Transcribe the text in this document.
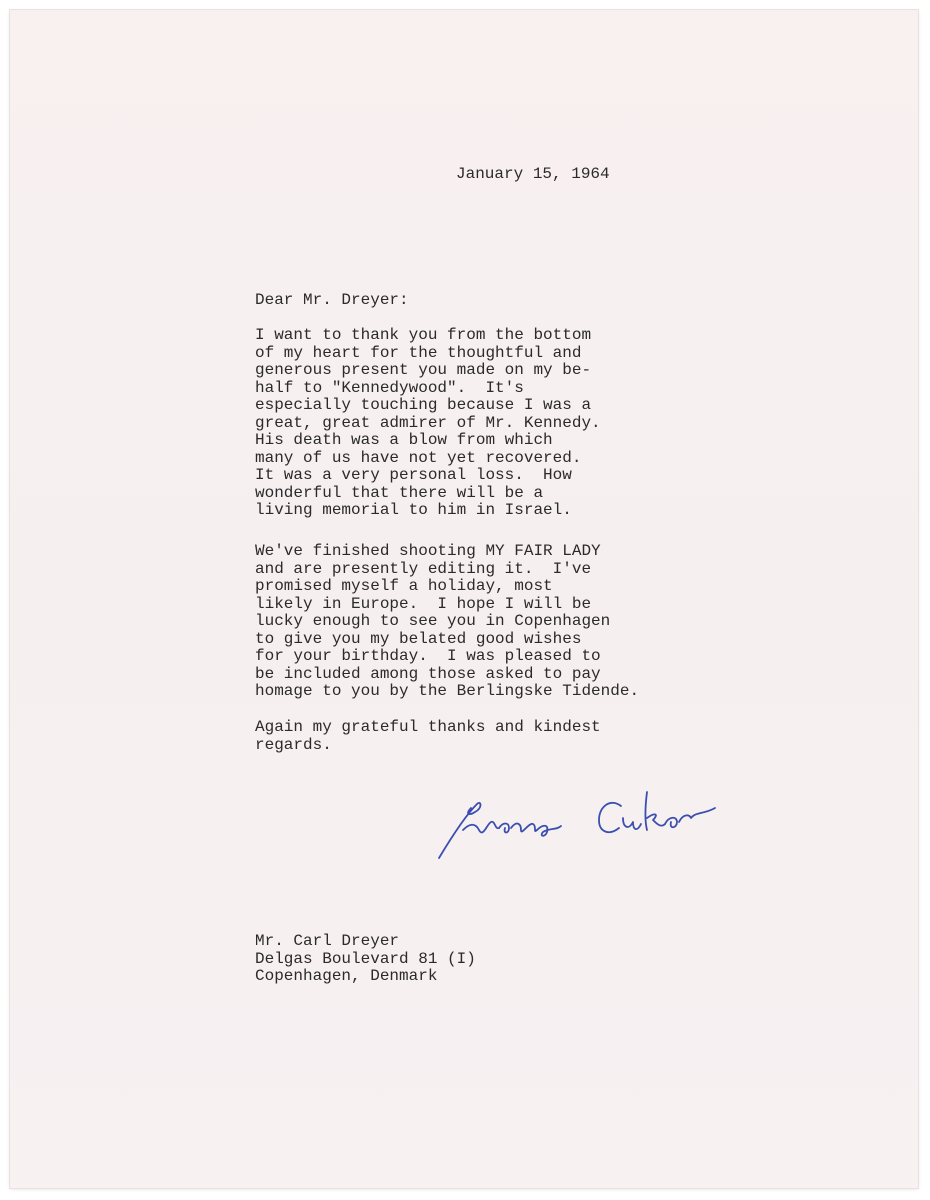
January 15, 1964
Dear Mr. Dreyer:
I want to thank you from the bottom
of my heart for the thoughtful and
generous present you made on my be-
half to "Kennedywood".  It's
especially touching because I was a
great, great admirer of Mr. Kennedy.
His death was a blow from which
many of us have not yet recovered.
It was a very personal loss.  How
wonderful that there will be a
living memorial to him in Israel.
We've finished shooting MY FAIR LADY
and are presently editing it.  I've
promised myself a holiday, most
likely in Europe.  I hope I will be
lucky enough to see you in Copenhagen
to give you my belated good wishes
for your birthday.  I was pleased to
be included among those asked to pay
homage to you by the Berlingske Tidende.
Again my grateful thanks and kindest
regards.
Mr. Carl Dreyer
Delgas Boulevard 81 (I)
Copenhagen, Denmark
